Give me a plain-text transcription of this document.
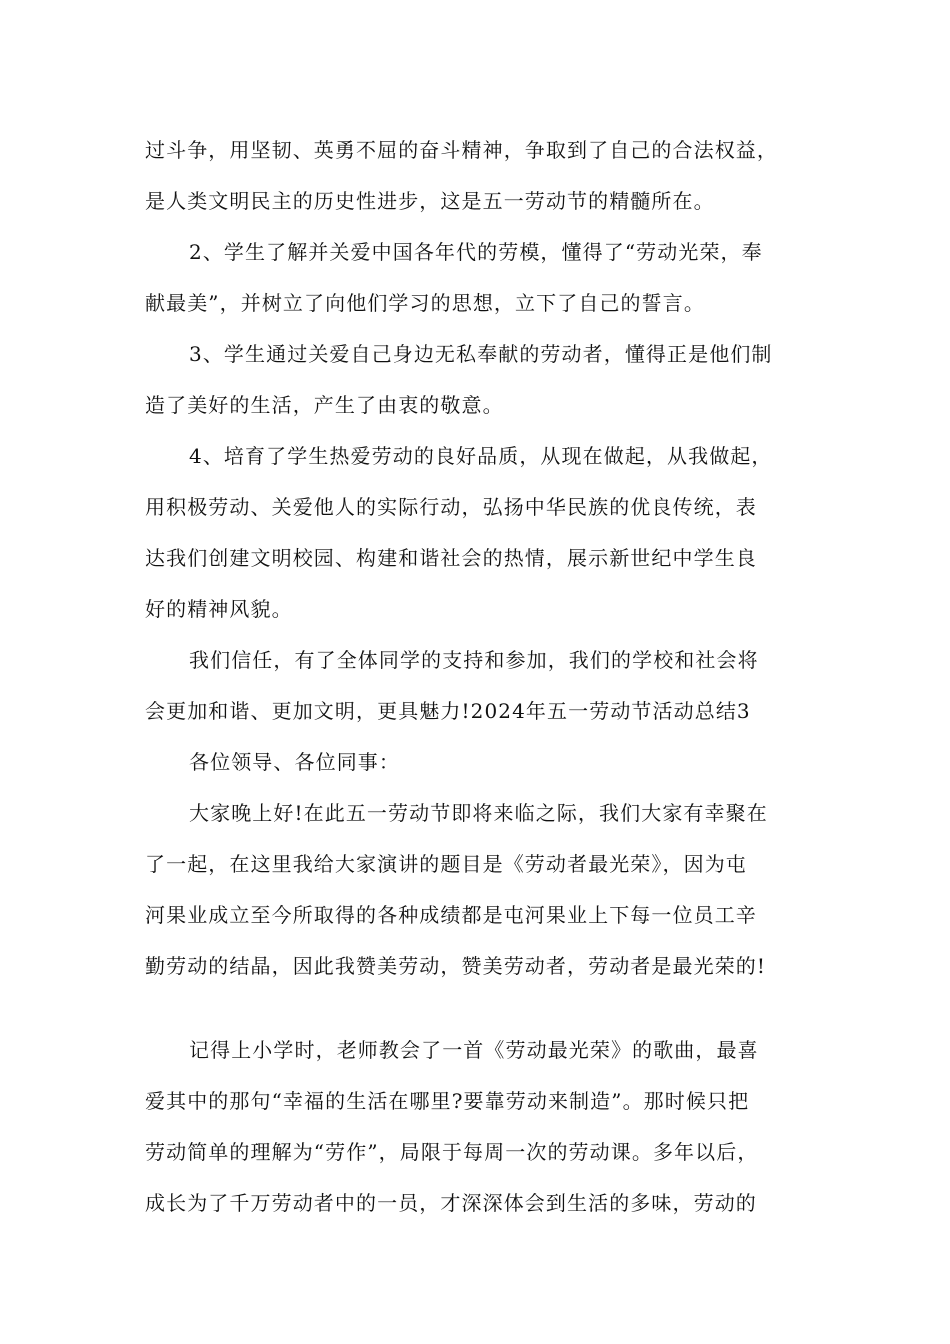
过斗争，用坚韧、英勇不屈的奋斗精神，争取到了自己的合法权益，
是人类文明民主的历史性进步，这是五一劳动节的精髓所在。
2、学生了解并关爱中国各年代的劳模，懂得了“劳动光荣，奉
献最美”，并树立了向他们学习的思想，立下了自己的誓言。
3、学生通过关爱自己身边无私奉献的劳动者，懂得正是他们制
造了美好的生活，产生了由衷的敬意。
4、培育了学生热爱劳动的良好品质，从现在做起，从我做起，
用积极劳动、关爱他人的实际行动，弘扬中华民族的优良传统，表
达我们创建文明校园、构建和谐社会的热情，展示新世纪中学生良
好的精神风貌。
我们信任，有了全体同学的支持和参加，我们的学校和社会将
会更加和谐、更加文明，更具魅力!2024年五一劳动节活动总结3
各位领导、各位同事：
大家晚上好!在此五一劳动节即将来临之际，我们大家有幸聚在
了一起，在这里我给大家演讲的题目是《劳动者最光荣》，因为屯
河果业成立至今所取得的各种成绩都是屯河果业上下每一位员工辛
勤劳动的结晶，因此我赞美劳动，赞美劳动者，劳动者是最光荣的!
记得上小学时，老师教会了一首《劳动最光荣》的歌曲，最喜
爱其中的那句“幸福的生活在哪里?要靠劳动来制造”。那时候只把
劳动简单的理解为“劳作”，局限于每周一次的劳动课。多年以后，
成长为了千万劳动者中的一员，才深深体会到生活的多味，劳动的
